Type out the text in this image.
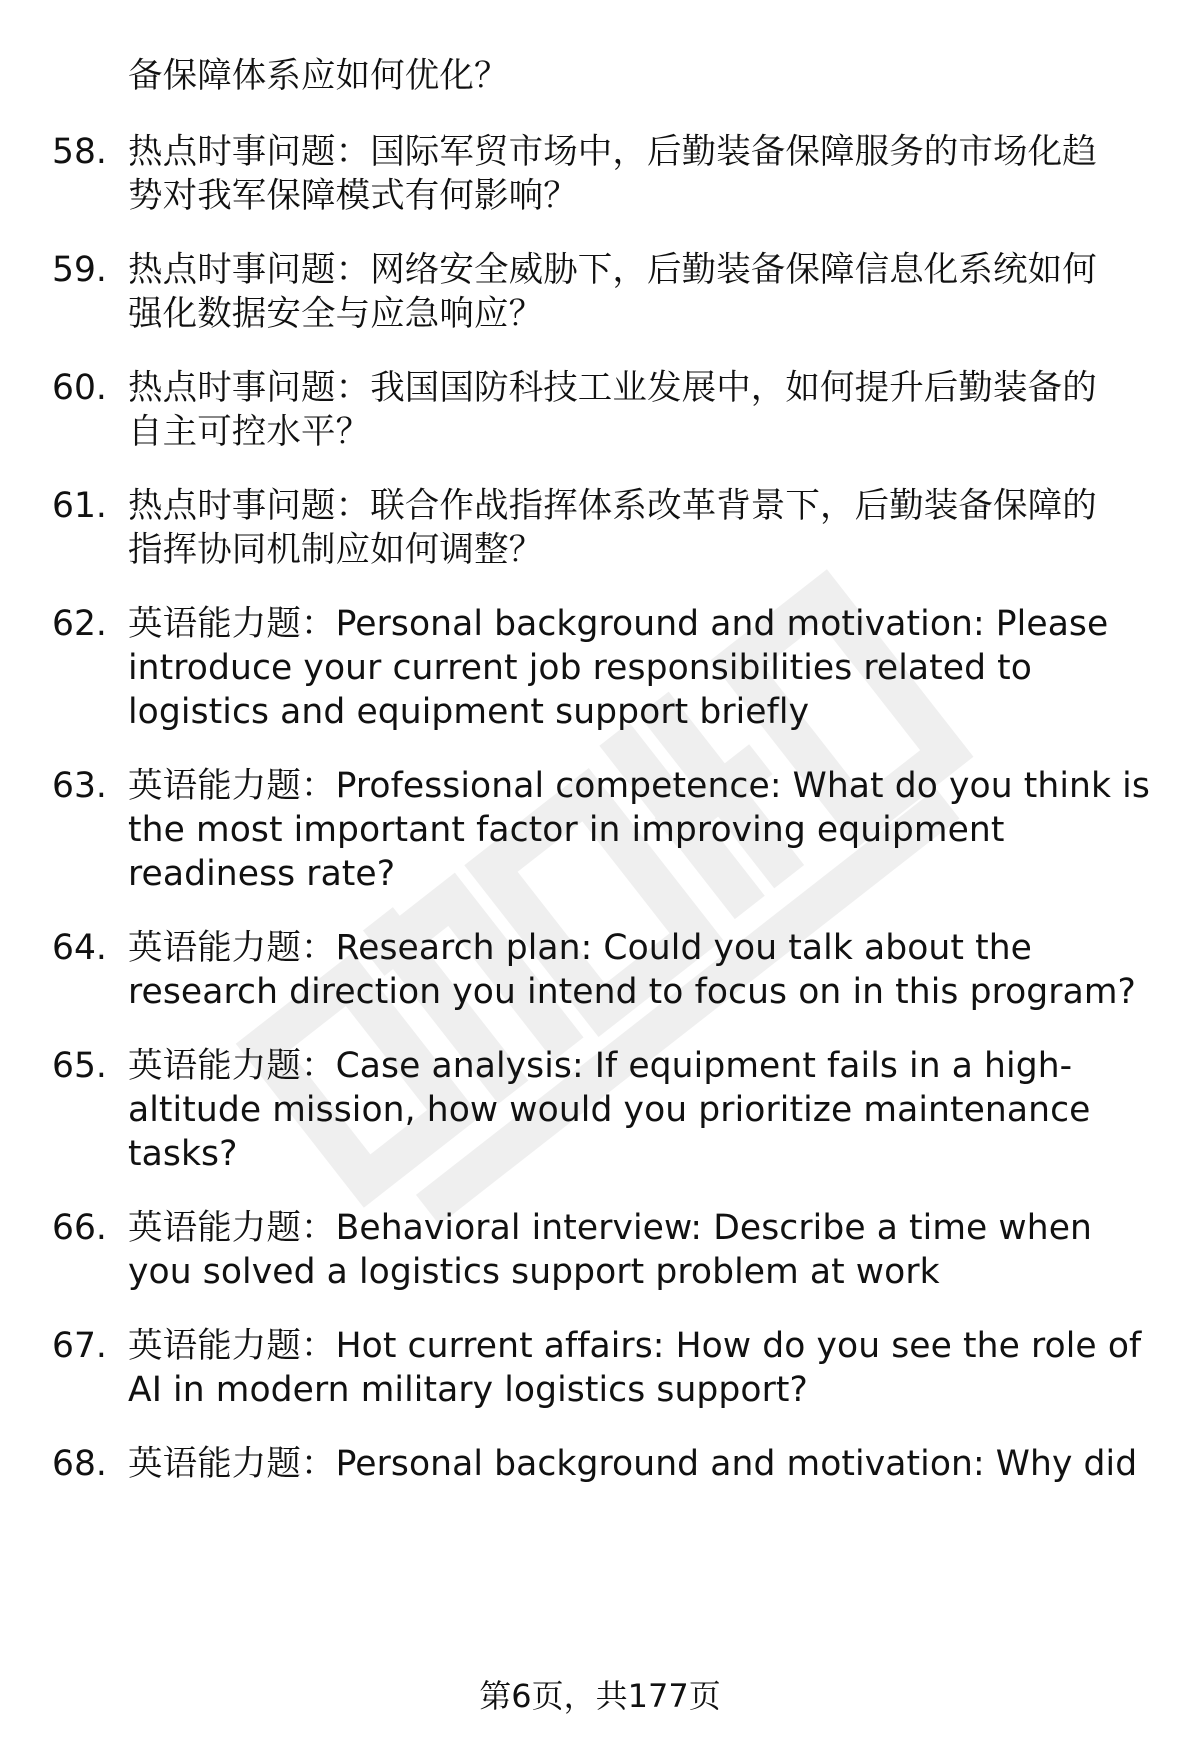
备保障体系应如何优化？
58. 热点时事问题：国际军贸市场中，后勤装备保障服务的市场化趋
势对我军保障模式有何影响？
59. 热点时事问题：网络安全威胁下，后勤装备保障信息化系统如何
强化数据安全与应急响应？
60. 热点时事问题：我国国防科技工业发展中，如何提升后勤装备的
自主可控水平？
61. 热点时事问题：联合作战指挥体系改革背景下，后勤装备保障的
指挥协同机制应如何调整？
62. 英语能力题：Personal background and motivation: Please
introduce your current job responsibilities related to
logistics and equipment support briefly
63. 英语能力题：Professional competence: What do you think is
the most important factor in improving equipment
readiness rate?
64. 英语能力题：Research plan: Could you talk about the
research direction you intend to focus on in this program?
65. 英语能力题：Case analysis: If equipment fails in a high-
altitude mission, how would you prioritize maintenance
tasks?
66. 英语能力题：Behavioral interview: Describe a time when
you solved a logistics support problem at work
67. 英语能力题：Hot current affairs: How do you see the role of
AI in modern military logistics support?
68. 英语能力题：Personal background and motivation: Why did
第6页，共177页
